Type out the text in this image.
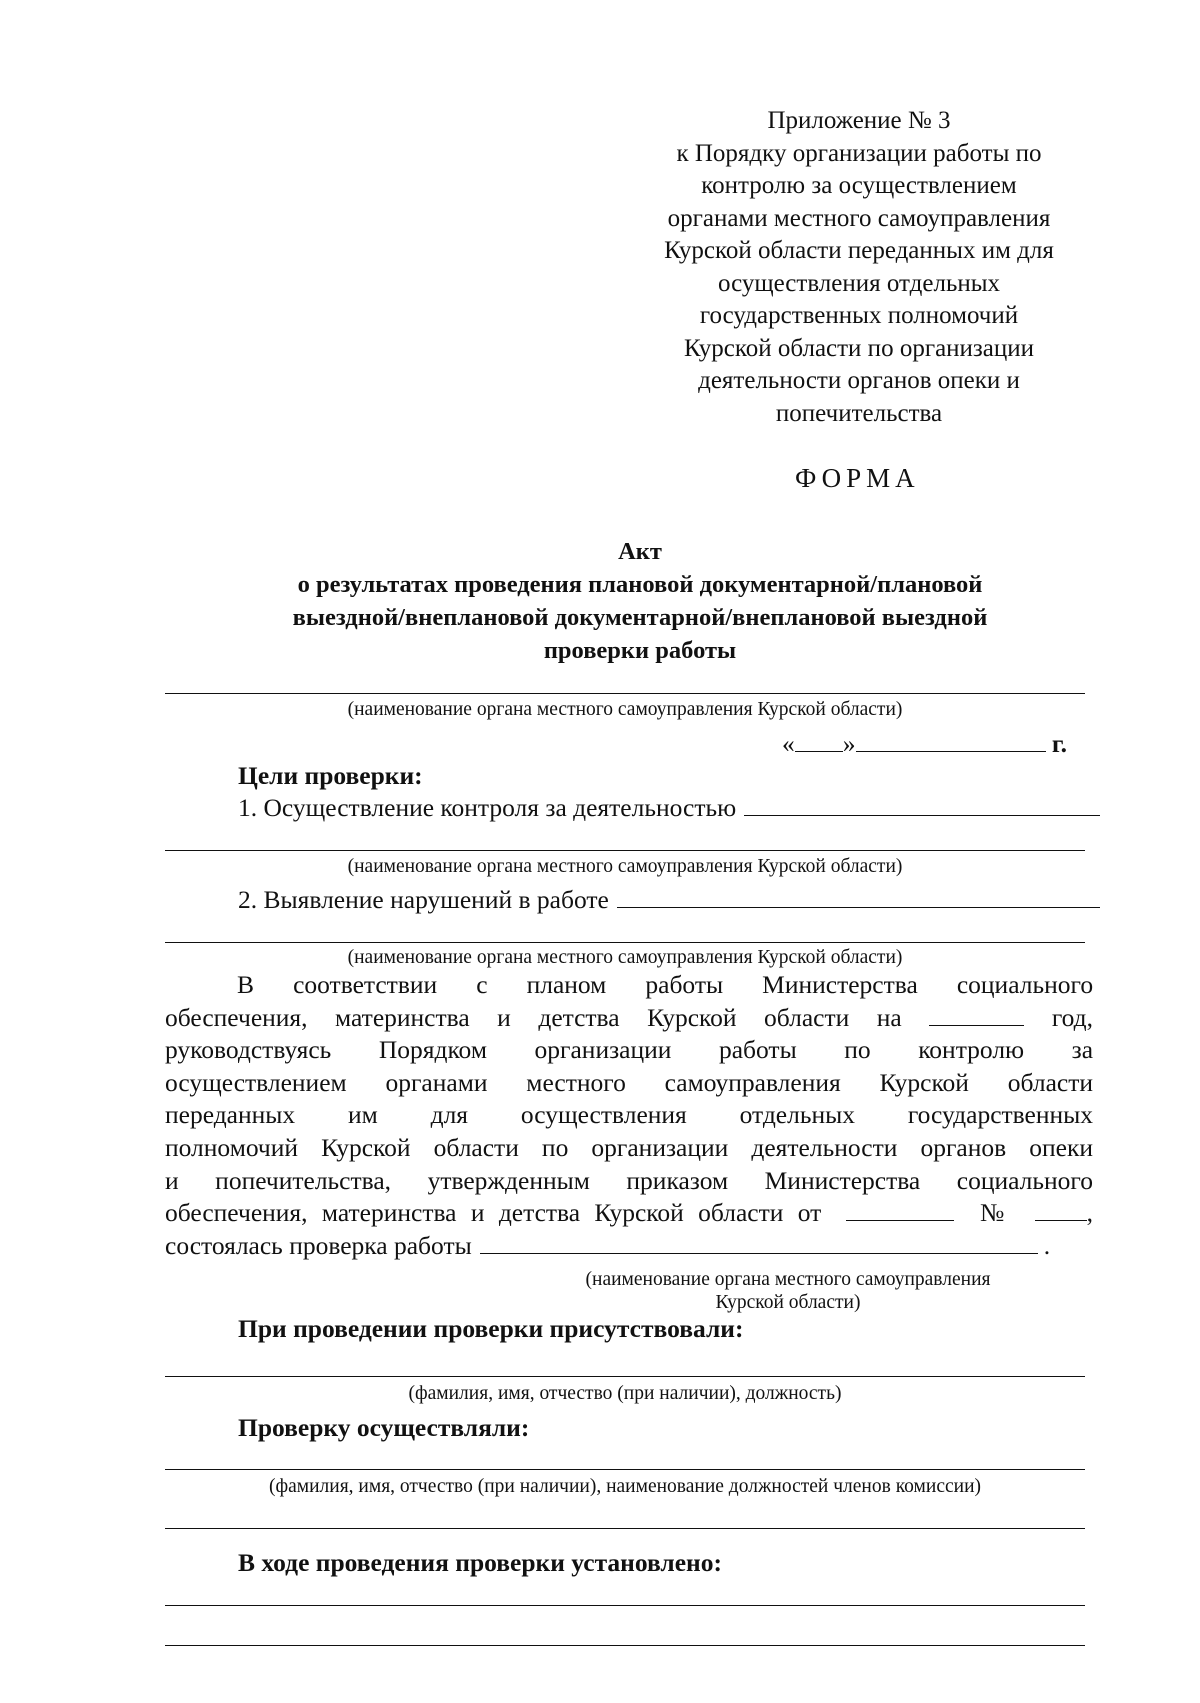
Приложение № 3
к Порядку организации работы по
контролю за осуществлением
органами местного самоуправления
Курской области переданных им для
осуществления отдельных
государственных полномочий
Курской области по организации
деятельности органов опеки и
попечительства
ФОРМА
Акт
о результатах проведения плановой документарной/плановой
выездной/внеплановой документарной/внеплановой выездной
проверки работы
(наименование органа местного самоуправления Курской области)
« »	г.
Цели проверки:
1. Осуществление контроля за деятельностью
(наименование органа местного самоуправления Курской области)
2. Выявление нарушений в работе
(наименование органа местного самоуправления Курской области)
В соответствии с планом работы Министерства социального
обеспечения, материнства и детства Курской области на	год,
руководствуясь Порядком организации работы по контролю за
осуществлением органами местного самоуправления Курской области
переданных им для осуществления отдельных государственных
полномочий Курской области по организации деятельности органов опеки
и попечительства, утвержденным приказом Министерства социального
обеспечения, материнства и детства Курской области от	№	,
состоялась проверка работы	.
(наименование органа местного самоуправления
Курской области)
При проведении проверки присутствовали:
(фамилия, имя, отчество (при наличии), должность)
Проверку осуществляли:
(фамилия, имя, отчество (при наличии), наименование должностей членов комиссии)
В ходе проведения проверки установлено:
